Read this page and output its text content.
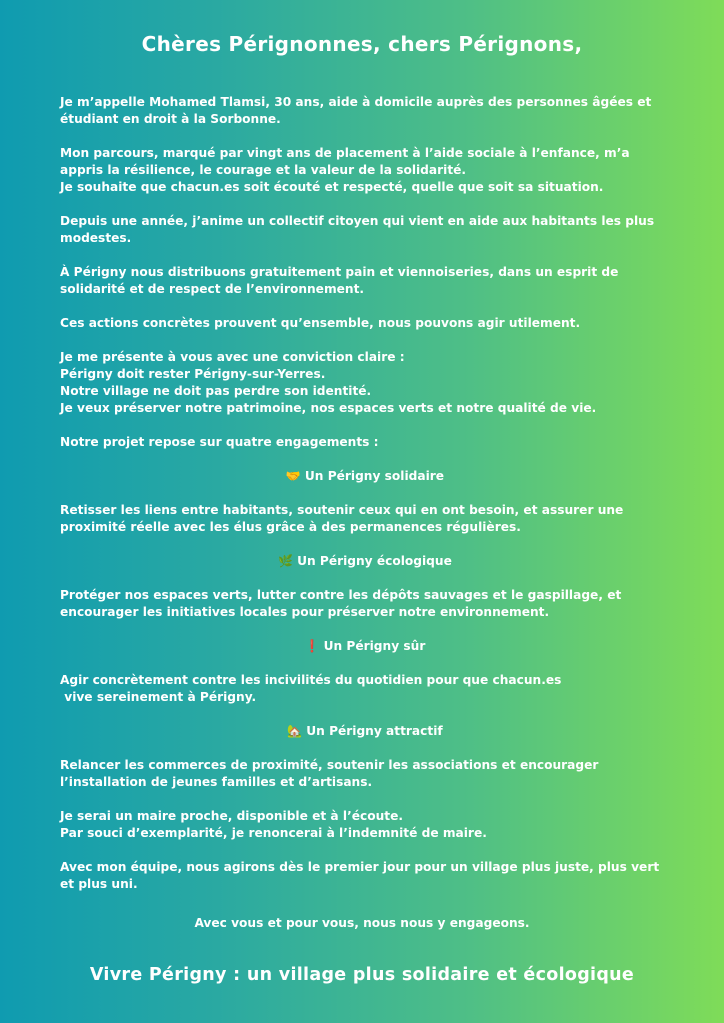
Chères Pérignonnes, chers Pérignons,

Je m’appelle Mohamed Tlamsi, 30 ans, aide à domicile auprès des personnes âgées et étudiant en droit à la Sorbonne.

Mon parcours, marqué par vingt ans de placement à l’aide sociale à l’enfance, m’a appris la résilience, le courage et la valeur de la solidarité.
Je souhaite que chacun.es soit écouté et respecté, quelle que soit sa situation.

Depuis une année, j’anime un collectif citoyen qui vient en aide aux habitants les plus modestes.

À Périgny nous distribuons gratuitement pain et viennoiseries, dans un esprit de solidarité et de respect de l’environnement.

Ces actions concrètes prouvent qu’ensemble, nous pouvons agir utilement.

Je me présente à vous avec une conviction claire :
Périgny doit rester Périgny-sur-Yerres.
Notre village ne doit pas perdre son identité.
Je veux préserver notre patrimoine, nos espaces verts et notre qualité de vie.

Notre projet repose sur quatre engagements :

🤝 Un Périgny solidaire

Retisser les liens entre habitants, soutenir ceux qui en ont besoin, et assurer une proximité réelle avec les élus grâce à des permanences régulières.

🌿 Un Périgny écologique

Protéger nos espaces verts, lutter contre les dépôts sauvages et le gaspillage, et encourager les initiatives locales pour préserver notre environnement.

❗ Un Périgny sûr

Agir concrètement contre les incivilités du quotidien pour que chacun.es
vive sereinement à Périgny.

🏡 Un Périgny attractif

Relancer les commerces de proximité, soutenir les associations et encourager l’installation de jeunes familles et d’artisans.

Je serai un maire proche, disponible et à l’écoute.
Par souci d’exemplarité, je renoncerai à l’indemnité de maire.

Avec mon équipe, nous agirons dès le premier jour pour un village plus juste, plus vert et plus uni.

Avec vous et pour vous, nous nous y engageons.
Vivre Périgny : un village plus solidaire et écologique
